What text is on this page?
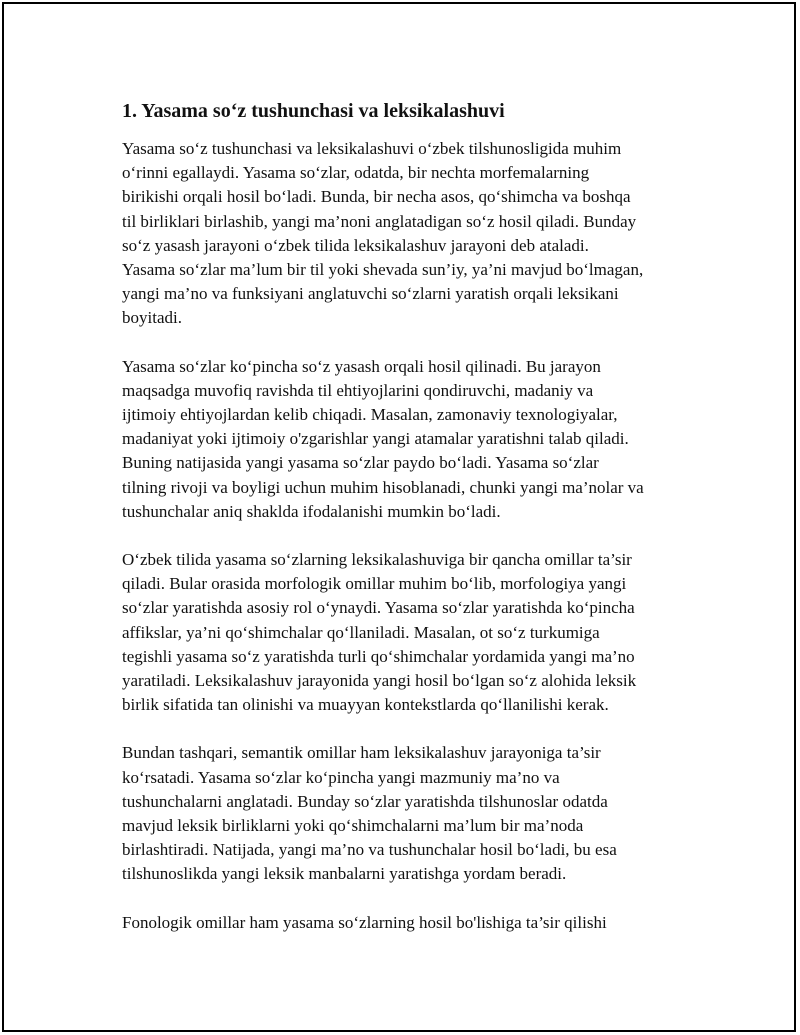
1. Yasama so‘z tushunchasi va leksikalashuvi

Yasama so‘z tushunchasi va leksikalashuvi o‘zbek tilshunosligida muhim
o‘rinni egallaydi. Yasama so‘zlar, odatda, bir nechta morfemalarning
birikishi orqali hosil bo‘ladi. Bunda, bir necha asos, qo‘shimcha va boshqa
til birliklari birlashib, yangi ma’noni anglatadigan so‘z hosil qiladi. Bunday
so‘z yasash jarayoni o‘zbek tilida leksikalashuv jarayoni deb ataladi.
Yasama so‘zlar ma’lum bir til yoki shevada sun’iy, ya’ni mavjud bo‘lmagan,
yangi ma’no va funksiyani anglatuvchi so‘zlarni yaratish orqali leksikani
boyitadi.

Yasama so‘zlar ko‘pincha so‘z yasash orqali hosil qilinadi. Bu jarayon
maqsadga muvofiq ravishda til ehtiyojlarini qondiruvchi, madaniy va
ijtimoiy ehtiyojlardan kelib chiqadi. Masalan, zamonaviy texnologiyalar,
madaniyat yoki ijtimoiy o'zgarishlar yangi atamalar yaratishni talab qiladi.
Buning natijasida yangi yasama so‘zlar paydo bo‘ladi. Yasama so‘zlar
tilning rivoji va boyligi uchun muhim hisoblanadi, chunki yangi ma’nolar va
tushunchalar aniq shaklda ifodalanishi mumkin bo‘ladi.

O‘zbek tilida yasama so‘zlarning leksikalashuviga bir qancha omillar ta’sir
qiladi. Bular orasida morfologik omillar muhim bo‘lib, morfologiya yangi
so‘zlar yaratishda asosiy rol o‘ynaydi. Yasama so‘zlar yaratishda ko‘pincha
affikslar, ya’ni qo‘shimchalar qo‘llaniladi. Masalan, ot so‘z turkumiga
tegishli yasama so‘z yaratishda turli qo‘shimchalar yordamida yangi ma’no
yaratiladi. Leksikalashuv jarayonida yangi hosil bo‘lgan so‘z alohida leksik
birlik sifatida tan olinishi va muayyan kontekstlarda qo‘llanilishi kerak.

Bundan tashqari, semantik omillar ham leksikalashuv jarayoniga ta’sir
ko‘rsatadi. Yasama so‘zlar ko‘pincha yangi mazmuniy ma’no va
tushunchalarni anglatadi. Bunday so‘zlar yaratishda tilshunoslar odatda
mavjud leksik birliklarni yoki qo‘shimchalarni ma’lum bir ma’noda
birlashtiradi. Natijada, yangi ma’no va tushunchalar hosil bo‘ladi, bu esa
tilshunoslikda yangi leksik manbalarni yaratishga yordam beradi.

Fonologik omillar ham yasama so‘zlarning hosil bo'lishiga ta’sir qilishi
